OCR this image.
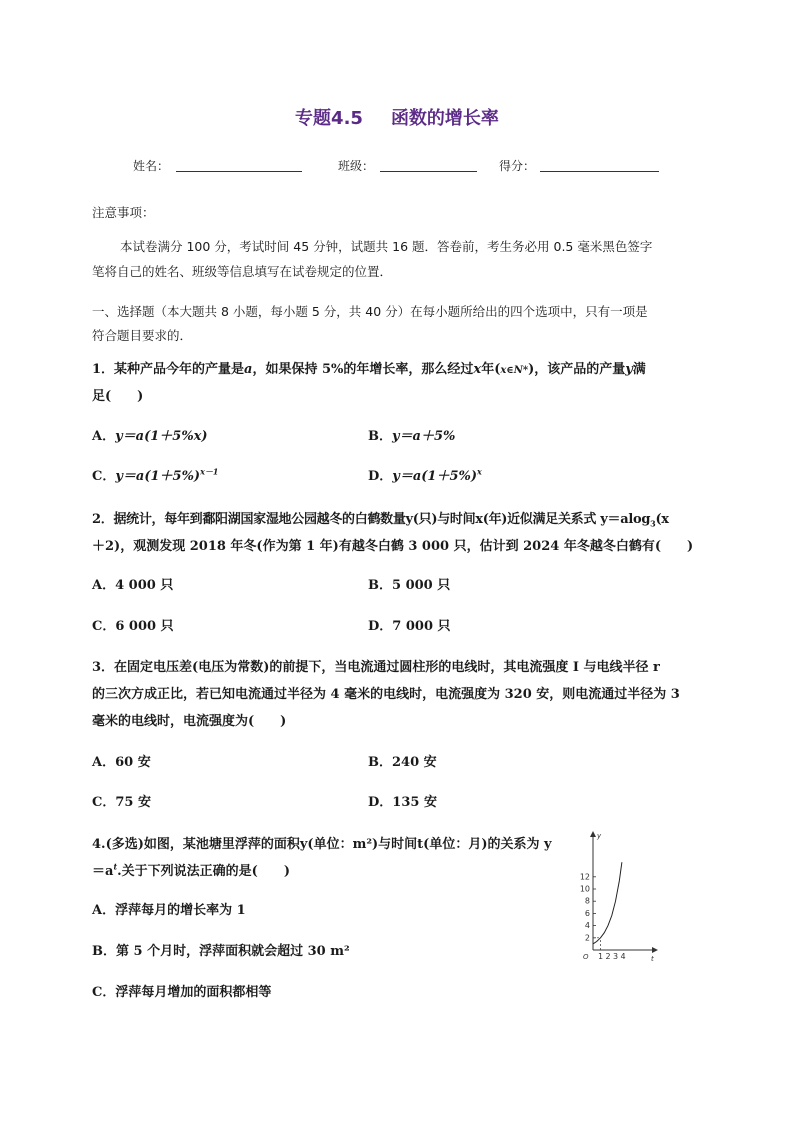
专题4.5 函数的增长率
姓名：	班级：	得分：
注意事项：
本试卷满分 100 分，考试时间 45 分钟，试题共 16 题．答卷前，考生务必用 0.5 毫米黑色签字
笔将自己的姓名、班级等信息填写在试卷规定的位置．
一、选择题（本大题共 8 小题，每小题 5 分，共 40 分）在每小题所给出的四个选项中，只有一项是
符合题目要求的．
1．某种产品今年的产量是a，如果保持 5%的年增长率，那么经过x年(x∈N*)，该产品的产量y满
足(　　)
A．y＝a(1＋5%x)	B．y＝a＋5%
C．$y=a(1+5\%)^{x-1}$	D．$y=a(1+5\%)^x$
2．据统计，每年到鄱阳湖国家湿地公园越冬的白鹤数量y(只)与时间x(年)近似满足关系式 y＝alog$_3$(x
＋2)，观测发现 2018 年冬(作为第 1 年)有越冬白鹤 3 000 只，估计到 2024 年冬越冬白鹤有(　　)
A．4 000 只	B．5 000 只
C．6 000 只	D．7 000 只
3．在固定电压差(电压为常数)的前提下，当电流通过圆柱形的电线时，其电流强度 I 与电线半径 r
的三次方成正比，若已知电流通过半径为 4 毫米的电线时，电流强度为 320 安，则电流通过半径为 3
毫米的电线时，电流强度为(　　)
A．60 安	B．240 安
C．75 安	D．135 安
4.(多选)如图，某池塘里浮萍的面积y(单位：m²)与时间t(单位：月)的关系为 y
$=a^t$.关于下列说法正确的是(　　)
A．浮萍每月的增长率为 1
B．第 5 个月时，浮萍面积就会超过 30 m²
C．浮萍每月增加的面积都相等
y
t
O
2
4
6
8
10
12
1 2 3 4
